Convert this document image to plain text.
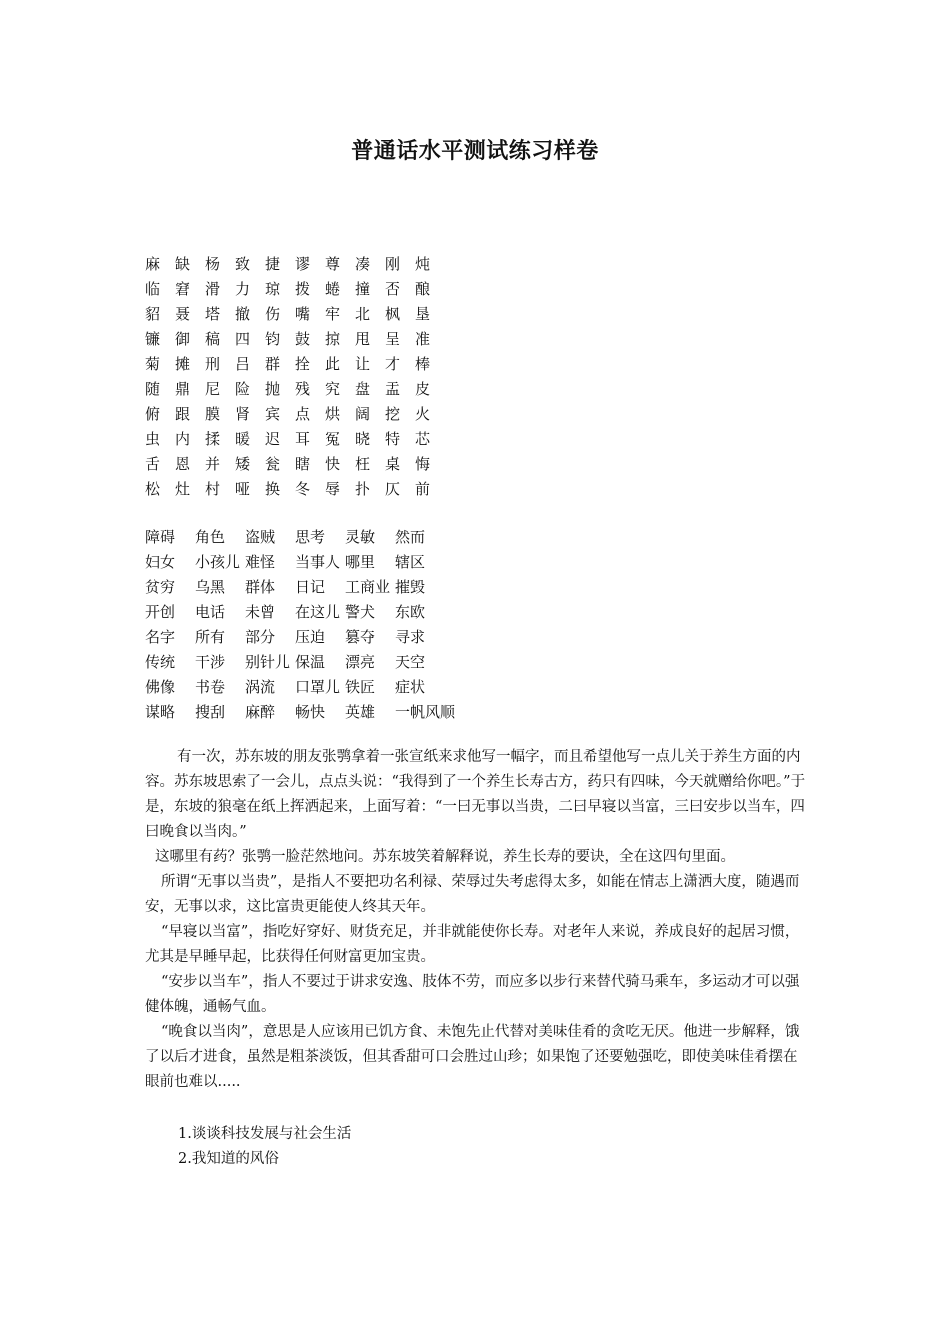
普通话水平测试练习样卷
麻 缺 杨 致 捷 谬 尊 凑 刚 炖
临 窘 滑 力 琼 拨 蜷 撞 否 酿
貂 聂 塔 撤 伤 嘴 牢 北 枫 垦
镰 御 稿 四 钧 鼓 掠 甩 呈 准
菊 摊 刑 吕 群 拴 此 让 才 棒
随 鼎 尼 险 抛 残 究 盘 盂 皮
俯 跟 膜 肾 宾 点 烘 阔 挖 火
虫 内 揉 暖 迟 耳 冤 晓 特 芯
舌 恩 并 矮 瓮 瞎 快 枉 桌 悔
松 灶 村 哑 换 冬 辱 扑 仄 前
障碍 角色 盗贼 思考 灵敏 然而
妇女 小孩儿 难怪 当事人 哪里 辖区
贫穷 乌黑 群体 日记 工商业 摧毁
开创 电话 未曾 在这儿 警犬 东欧
名字 所有 部分 压迫 篡夺 寻求
传统 干涉 别针儿 保温 漂亮 天空
佛像 书卷 涡流 口罩儿 铁匠 症状
谋略 搜刮 麻醉 畅快 英雄 一帆风顺

有一次，苏东坡的朋友张鹗拿着一张宣纸来求他写一幅字，而且希望他写一点儿关于养生方面的内容。苏东坡思索了一会儿，点点头说：“我得到了一个养生长寿古方，药只有四味，今天就赠给你吧。”于是，东坡的狼毫在纸上挥洒起来，上面写着：“一曰无事以当贵，二曰早寝以当富，三曰安步以当车，四曰晚食以当肉。”

这哪里有药？张鹗一脸茫然地问。苏东坡笑着解释说，养生长寿的要诀，全在这四句里面。

所谓“无事以当贵”，是指人不要把功名利禄、荣辱过失考虑得太多，如能在情志上潇洒大度，随遇而安，无事以求，这比富贵更能使人终其天年。

“早寝以当富”，指吃好穿好、财货充足，并非就能使你长寿。对老年人来说，养成良好的起居习惯，尤其是早睡早起，比获得任何财富更加宝贵。

“安步以当车”，指人不要过于讲求安逸、肢体不劳，而应多以步行来替代骑马乘车，多运动才可以强健体魄，通畅气血。

“晚食以当肉”，意思是人应该用已饥方食、未饱先止代替对美味佳肴的贪吃无厌。他进一步解释，饿了以后才进食，虽然是粗茶淡饭，但其香甜可口会胜过山珍；如果饱了还要勉强吃，即使美味佳肴摆在眼前也难以.....

1.谈谈科技发展与社会生活
2.我知道的风俗
